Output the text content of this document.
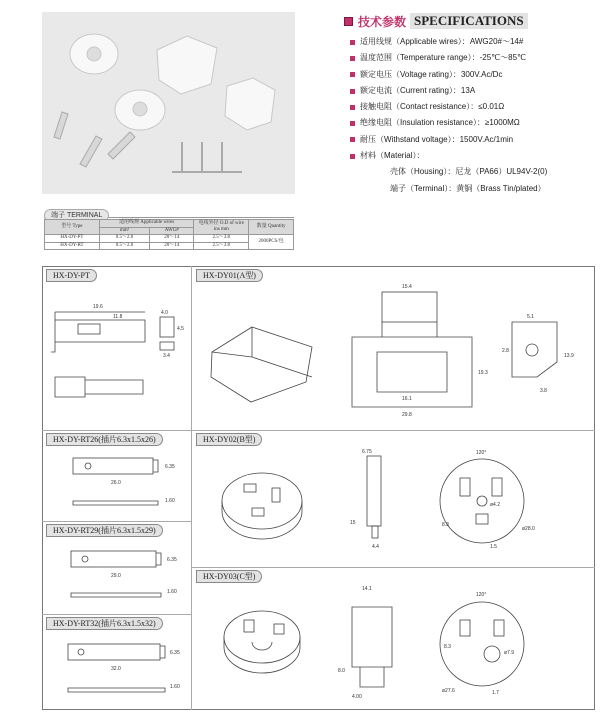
技术参数 SPECIFICATIONS
适用线规（Applicable wires）： AWG20#～14#
温度范围（Temperature range）： -25℃～85℃
额定电压（Voltage rating）： 300V.Ac/Dc
额定电流（Current rating）： 13A
接触电阻（Contact resistance）： ≤0.01Ω
绝缘电阻（Insulation resistance）： ≥1000MΩ
耐压（Withstand voltage）： 1500V.Ac/1min
材料（Material）：
壳体（Housing）：尼龙（PA66）UL94V-2(0)
端子（Terminal）：黄铜（Brass Tin/plated）
端子 TERMINAL
型号 Type	适用线规 Applicable wires		电线外径 O.D of wire ins mm	数量 Quantity
	mm²	AWG#		
HX-DY-PT	0.5～2.0	20～14	2.5～3.8	2000PCS/包
HX-DY-RT	0.5～2.0	20～14	2.5～3.8	
HX-DY-PT	HX-DY01(A型)
HX-DY-RT26(插片6.3x1.5x26)	HX-DY02(B型)
HX-DY-RT29(插片6.3x1.5x29)
HX-DY03(C型)
HX-DY-RT32(插片6.3x1.5x32)
19.6
11.8
4.0
4.5
3.4
15.4
19.3
16.1
29.8
5.1
2.8
13.9
3.8
26.0
1.60
6.35
29.0
1.60
6.35
32.0
1.60
6.35
6.75
4.4
15
120°
ø28.0
ø4.2
8.3
1.5
14.1
4.00
8.0
120°
ø27.6
ø7.9
8.3
1.7
